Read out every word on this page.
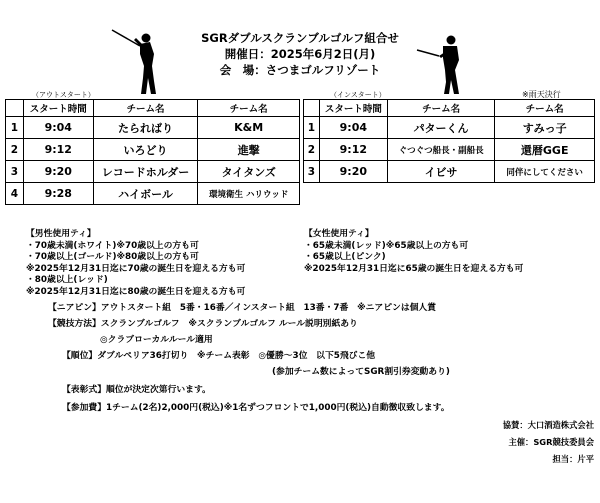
SGRダブルスクランブルゴルフ組合せ
開催日：2025年6月2日(月)
会　場：さつまゴルフリゾート
（アウトスタート）	（インスタート）	※雨天決行
	スタート時間	チーム名	チーム名
1	9:04	たらればり	K&M
2	9:12	いろどり	進撃
3	9:20	レコードホルダー	タイタンズ
4	9:28	ハイボール	環境衛生 ハリウッド
	スタート時間	チーム名	チーム名
1	9:04	パターくん	すみっ子
2	9:12	ぐつぐつ船長・副船長	還暦GGE
3	9:20	イビサ	同伴にしてください
【男性使用ティ】
・70歳未満(ホワイト)※70歳以上の方も可
・70歳以上(ゴールド)※80歳以上の方も可
※2025年12月31日迄に70歳の誕生日を迎える方も可
・80歳以上(レッド)
※2025年12月31日迄に80歳の誕生日を迎える方も可
【女性使用ティ】
・65歳未満(レッド)※65歳以上の方も可
・65歳以上(ピンク)
※2025年12月31日迄に65歳の誕生日を迎える方も可
【ニアピン】アウトスタート組　5番・16番／インスタート組　13番・7番　※ニアピンは個人賞
【競技方法】スクランブルゴルフ　※スクランブルゴルフ ルール説明別紙あり
◎クラブローカルルール適用
【順位】ダブルペリア36打切り　※チーム表彰　◎優勝～3位　以下5飛びこ他
(参加チーム数によってSGR割引券変動あり)
【表彰式】順位が決定次第行います。
【参加費】1チーム(2名)2,000円(税込)※1名ずつフロントで1,000円(税込)自動徴収致します。
協賛：大口酒造株式会社
主催：SGR競技委員会
担当：片平
